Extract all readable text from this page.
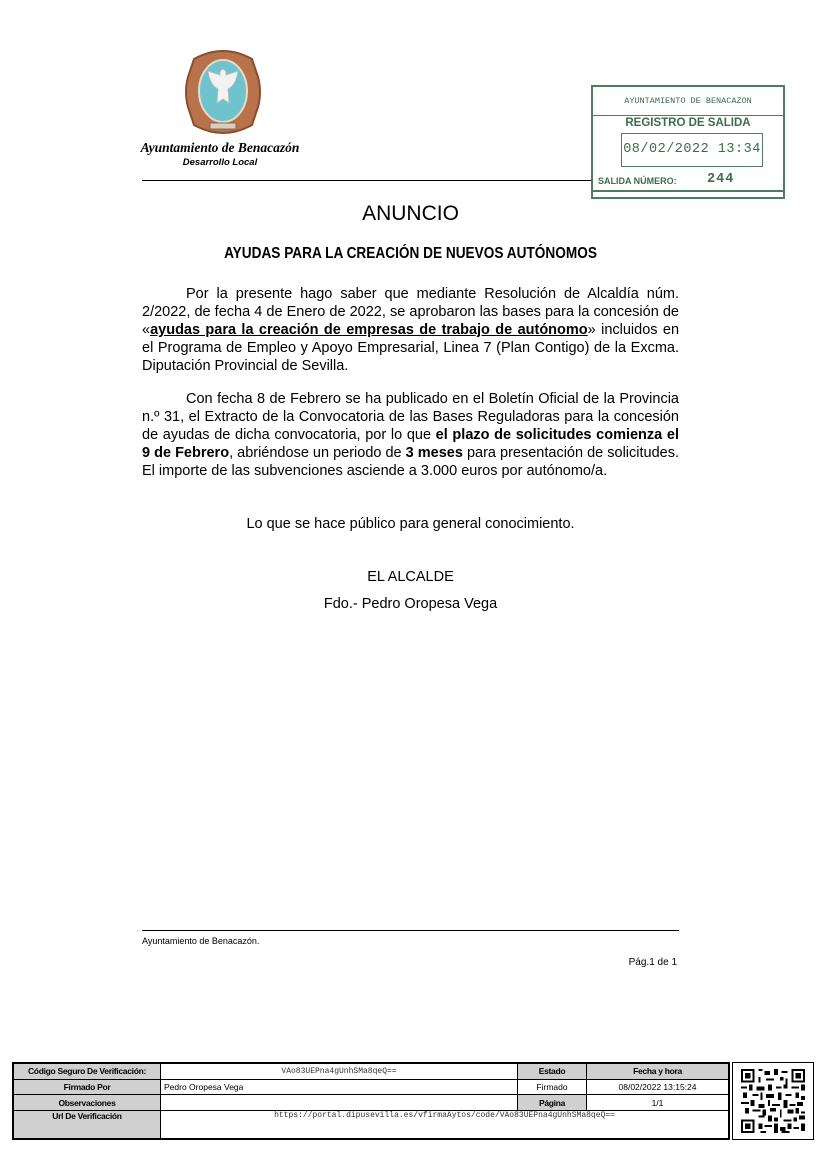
Ayuntamiento de Benacazón
Desarrollo Local
AYUNTAMIENTO DE BENACAZON
REGISTRO DE SALIDA
08/02/2022 13:34
SALIDA NÚMERO: 244
ANUNCIO
AYUDAS PARA LA CREACIÓN DE NUEVOS AUTÓNOMOS

Por la presente hago saber que mediante Resolución de Alcaldía núm. 2/2022, de fecha 4 de Enero de 2022, se aprobaron las bases para la concesión de «ayudas para la creación de empresas de trabajo de autónomo» incluidos en el Programa de Empleo y Apoyo Empresarial, Linea 7 (Plan Contigo) de la Excma. Diputación Provincial de Sevilla.

Con fecha 8 de Febrero se ha publicado en el Boletín Oficial de la Provincia n.º 31, el Extracto de la Convocatoria de las Bases Reguladoras para la concesión de ayudas de dicha convocatoria, por lo que el plazo de solicitudes comienza el 9 de Febrero, abriéndose un periodo de 3 meses para presentación de solicitudes. El importe de las subvenciones asciende a 3.000 euros por autónomo/a.

Lo que se hace público para general conocimiento.
EL ALCALDE
Fdo.- Pedro Oropesa Vega
Ayuntamiento de Benacazón.
Pág.1 de 1
Código Seguro De Verificación:	VAo83UEPna4gUnhSMa8qeQ==	Estado	Fecha y hora
Firmado Por	Pedro Oropesa Vega	Firmado	08/02/2022 13:15:24
Observaciones		Página	1/1
Url De Verificación	https://portal.dipusevilla.es/vfirmaAytos/code/VAo83UEPna4gUnhSMa8qeQ==		
